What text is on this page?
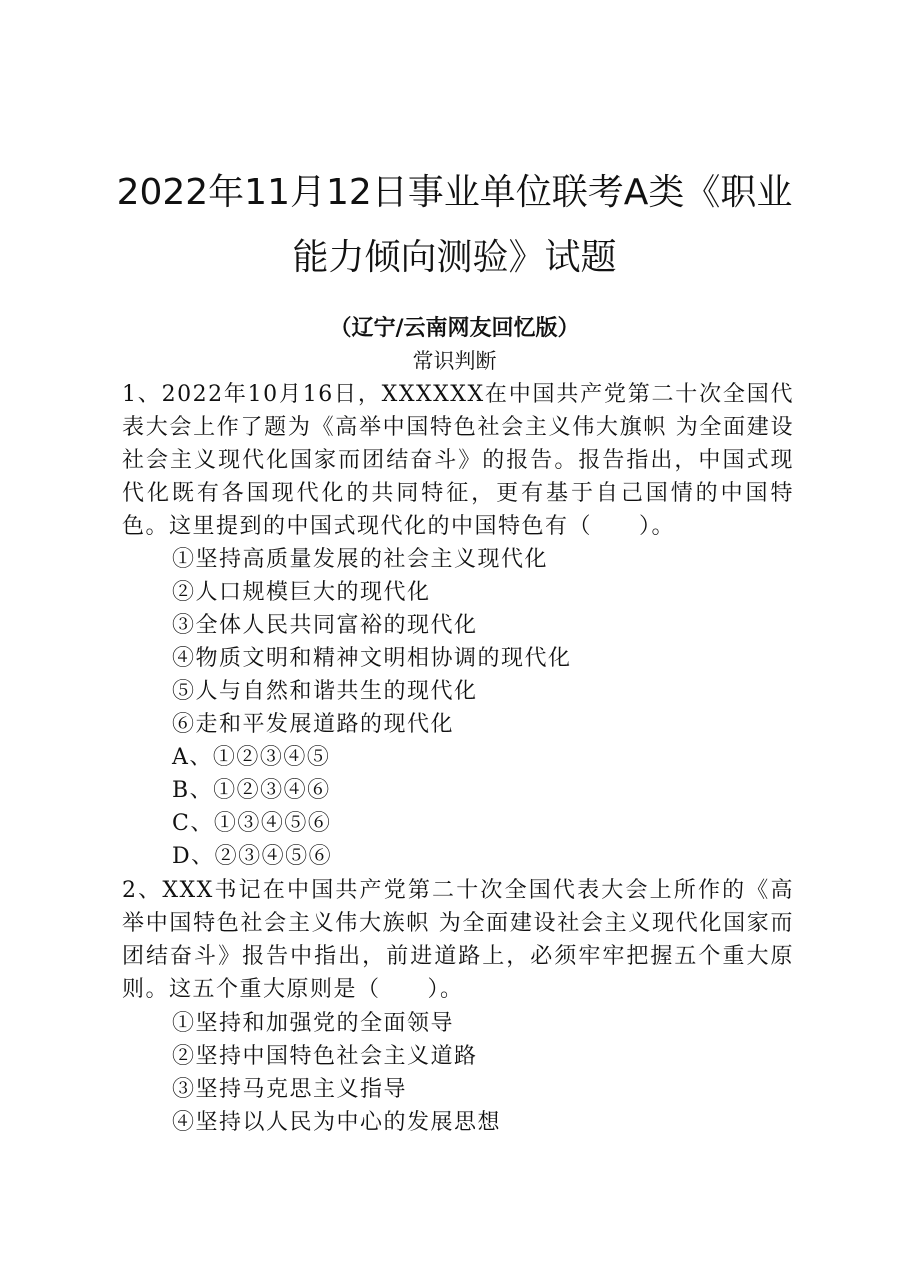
2022年11月12日事业单位联考A类《职业
能力倾向测验》试题
（辽宁/云南网友回忆版）
常识判断
1、2022年10月16日，XXXXXX在中国共产党第二十次全国代表大会上作了题为《高举中国特色社会主义伟大旗帜 为全面建设社会主义现代化国家而团结奋斗》的报告。报告指出，中国式现代化既有各国现代化的共同特征，更有基于自己国情的中国特色。这里提到的中国式现代化的中国特色有（　　）。
①坚持高质量发展的社会主义现代化
②人口规模巨大的现代化
③全体人民共同富裕的现代化
④物质文明和精神文明相协调的现代化
⑤人与自然和谐共生的现代化
⑥走和平发展道路的现代化
A、①②③④⑤
B、①②③④⑥
C、①③④⑤⑥
D、②③④⑤⑥
2、XXX书记在中国共产党第二十次全国代表大会上所作的《高举中国特色社会主义伟大族帜 为全面建设社会主义现代化国家而团结奋斗》报告中指出，前进道路上，必须牢牢把握五个重大原则。这五个重大原则是（　　）。
①坚持和加强党的全面领导
②坚持中国特色社会主义道路
③坚持马克思主义指导
④坚持以人民为中心的发展思想
